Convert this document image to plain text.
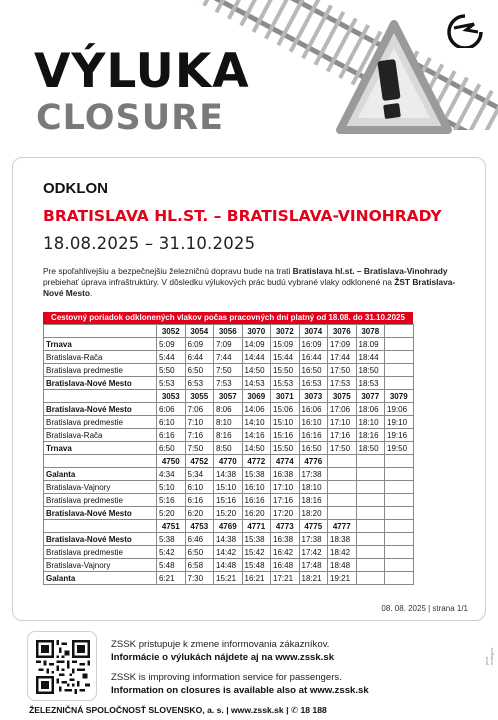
VÝLUKA
CLOSURE
ODKLON
BRATISLAVA HL.ST. – BRATISLAVA-VINOHRADY
18.08.2025 – 31.10.2025
Pre spoľahlivejšiu a bezpečnejšiu železničnú dopravu bude na trati Bratislava hl.st. – Bratislava-Vinohrady prebiehať úprava infraštruktúry. V dôsledku výlukových prác budú vybrané vlaky odklonené na ŽST Bratislava-Nové Mesto.
Cestovný poriadok odklonených vlakov počas pracovných dní platný od 18.08. do 31.10.2025
	3052	3054	3056	3070	3072	3074	3076	3078	
Trnava	5:09	6:09	7:09	14:09	15:09	16:09	17:09	18.09	
Bratislava-Rača	5:44	6:44	7:44	14:44	15:44	16:44	17:44	18:44	
Bratislava predmestie	5:50	6:50	7:50	14:50	15:50	16:50	17:50	18:50	
Bratislava-Nové Mesto	5:53	6:53	7:53	14:53	15:53	16:53	17:53	18:53	
	3053	3055	3057	3069	3071	3073	3075	3077	3079
Bratislava-Nové Mesto	6:06	7:06	8:06	14:06	15:06	16:06	17:06	18:06	19:06
Bratislava predmestie	6:10	7:10	8:10	14:10	15:10	16:10	17:10	18:10	19:10
Bratislava-Rača	6:16	7:16	8:16	14:16	15:16	16:16	17:16	18:16	19:16
Trnava	6:50	7:50	8:50	14:50	15:50	16:50	17:50	18:50	19:50
	4750	4752	4770	4772	4774	4776			
Galanta	4:34	5:34	14:38	15:38	16:38	17:38			
Bratislava-Vajnory	5:10	6:10	15:10	16:10	17:10	18:10			
Bratislava predmestie	5:16	6:16	15:16	16:16	17:16	18:16			
Bratislava-Nové Mesto	5:20	6:20	15:20	16:20	17:20	18:20			
	4751	4753	4769	4771	4773	4775	4777		
Bratislava-Nové Mesto	5:38	6:46	14:38	15:38	16:38	17:38	18:38		
Bratislava predmestie	5:42	6:50	14:42	15:42	16:42	17:42	18:42		
Bratislava-Vajnory	5:48	6:58	14:48	15:48	16:48	17:48	18:48		
Galanta	6:21	7:30	15:21	16:21	17:21	18:21	19:21		
08. 08. 2025 | strana 1/1
ZSSK pristupuje k zmene informovania zákazníkov.
Informácie o výlukách nájdete aj na www.zssk.sk
ZSSK is improving information service for passengers.
Information on closures is available also at www.zssk.sk
ŽELEZNIČNÁ SPOLOČNOSŤ SLOVENSKO, a. s. | www.zssk.sk | ✆ 18 188
print: ondrejpzz
